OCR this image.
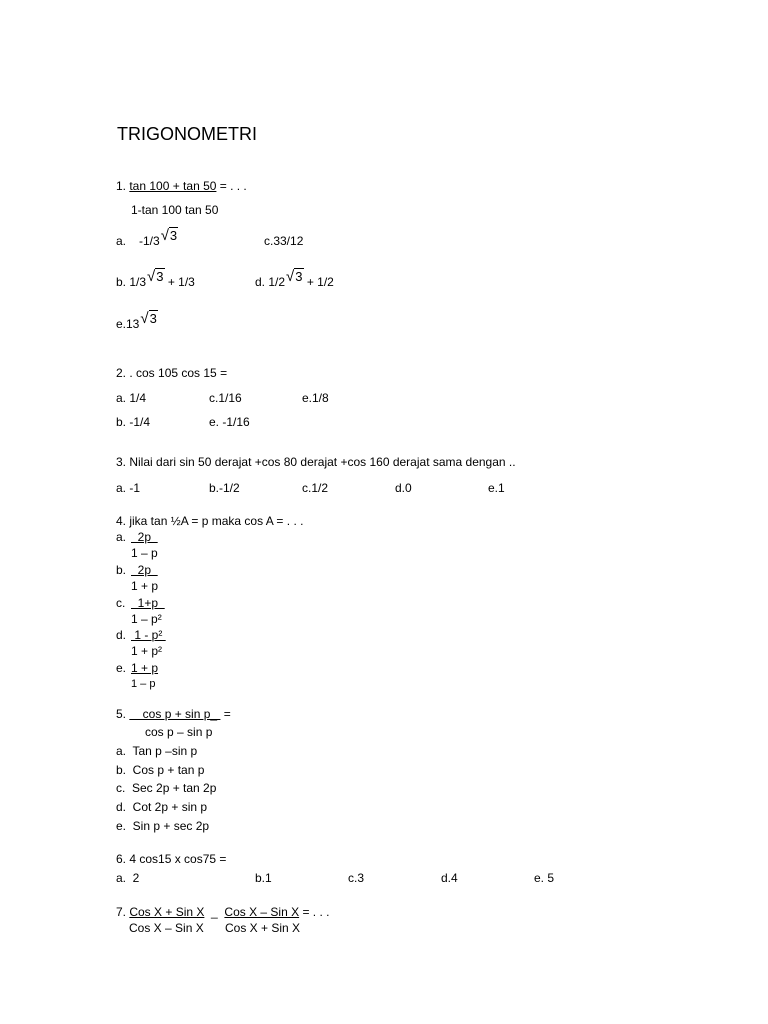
TRIGONOMETRI
1. tan 100 + tan 50 = . . .
1-tan 100 tan 50
a. -1/3√3	c.33/12
b. 1/3√3 + 1/3	d. 1/2√3 + 1/2
e.13√3
2. . cos 105 cos 15 =
a. 1/4	c.1/16	e.1/8
b. -1/4	e. -1/16
3. Nilai dari sin 50 derajat +cos 80 derajat +cos 160 derajat sama dengan ..
a. -1	b.-1/2	c.1/2	d.0	e.1
4. jika tan ½A = p maka cos A = . . .
a. 2p
1 – p
b. 2p
1 + p
c. 1+p
1 – p²
d. 1 - p²
1 + p²
e. 1 + p
1 – p
5.     cos p + sin p_  =
cos p – sin p
a.  Tan p –sin p
b.  Cos p + tan p
c.  Sec 2p + tan 2p
d.  Cot 2p + sin p
e.  Sin p + sec 2p
6. 4 cos15 x cos75 =
a.  2	b.1	c.3	d.4	e. 5
7. Cos X + Sin X  _  Cos X – Sin X = . . .
Cos X – Sin X Cos X + Sin X
